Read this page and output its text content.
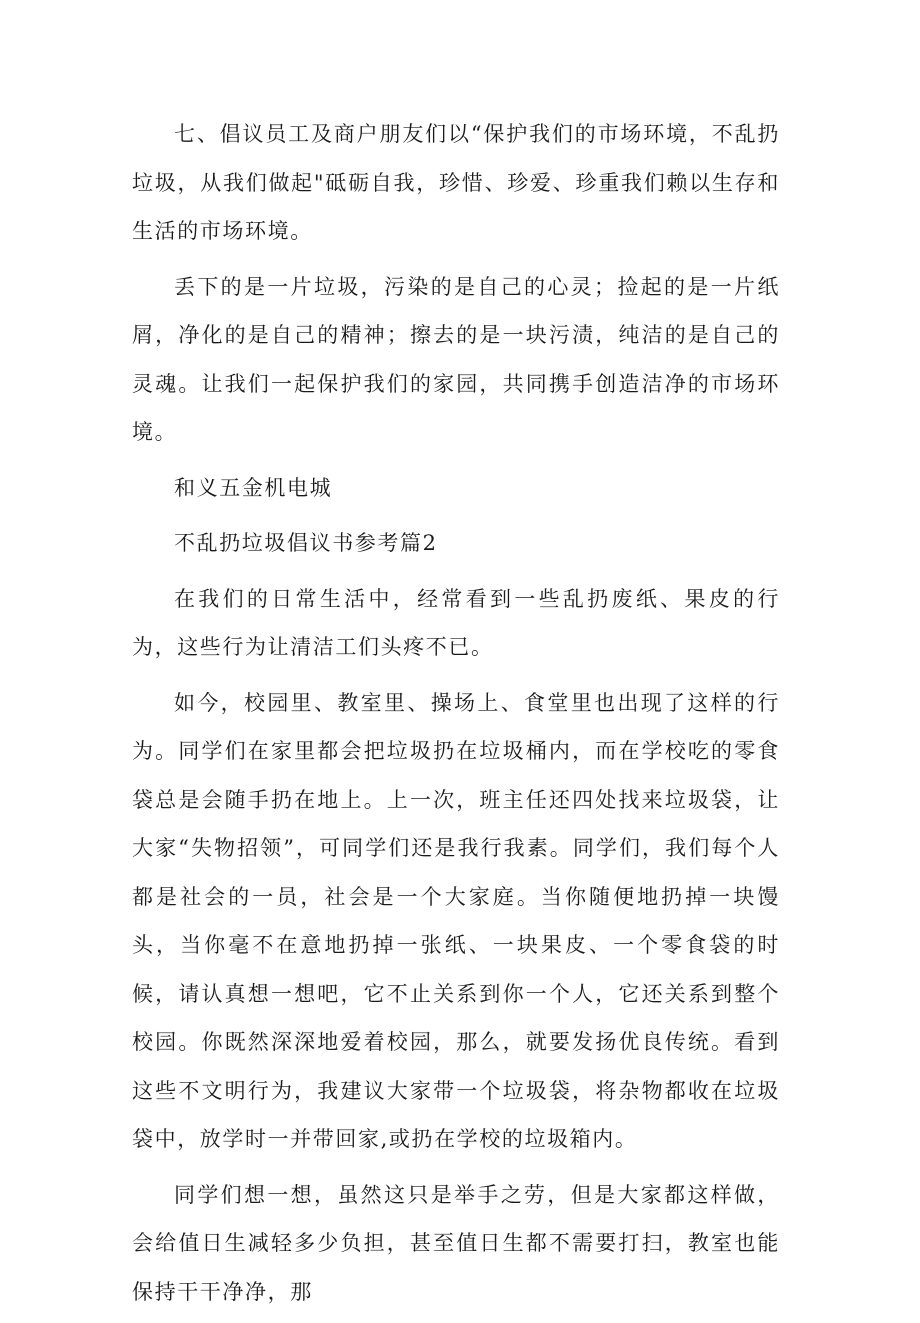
七、倡议员工及商户朋友们以“保护我们的市场环境，不乱扔垃圾，从我们做起"砥砺自我，珍惜、珍爱、珍重我们赖以生存和生活的市场环境。

丢下的是一片垃圾，污染的是自己的心灵；捡起的是一片纸屑，净化的是自己的精神；擦去的是一块污渍，纯洁的是自己的灵魂。让我们一起保护我们的家园，共同携手创造洁净的市场环境。

和义五金机电城

不乱扔垃圾倡议书参考篇2

在我们的日常生活中，经常看到一些乱扔废纸、果皮的行为，这些行为让清洁工们头疼不已。

如今，校园里、教室里、操场上、食堂里也出现了这样的行为。同学们在家里都会把垃圾扔在垃圾桶内，而在学校吃的零食袋总是会随手扔在地上。上一次，班主任还四处找来垃圾袋，让大家“失物招领”，可同学们还是我行我素。同学们，我们每个人都是社会的一员，社会是一个大家庭。当你随便地扔掉一块馒头，当你毫不在意地扔掉一张纸、一块果皮、一个零食袋的时候，请认真想一想吧，它不止关系到你一个人，它还关系到整个校园。你既然深深地爱着校园，那么，就要发扬优良传统。看到这些不文明行为，我建议大家带一个垃圾袋，将杂物都收在垃圾袋中，放学时一并带回家,或扔在学校的垃圾箱内。

同学们想一想，虽然这只是举手之劳，但是大家都这样做，会给值日生减轻多少负担，甚至值日生都不需要打扫，教室也能保持干干净净，那
